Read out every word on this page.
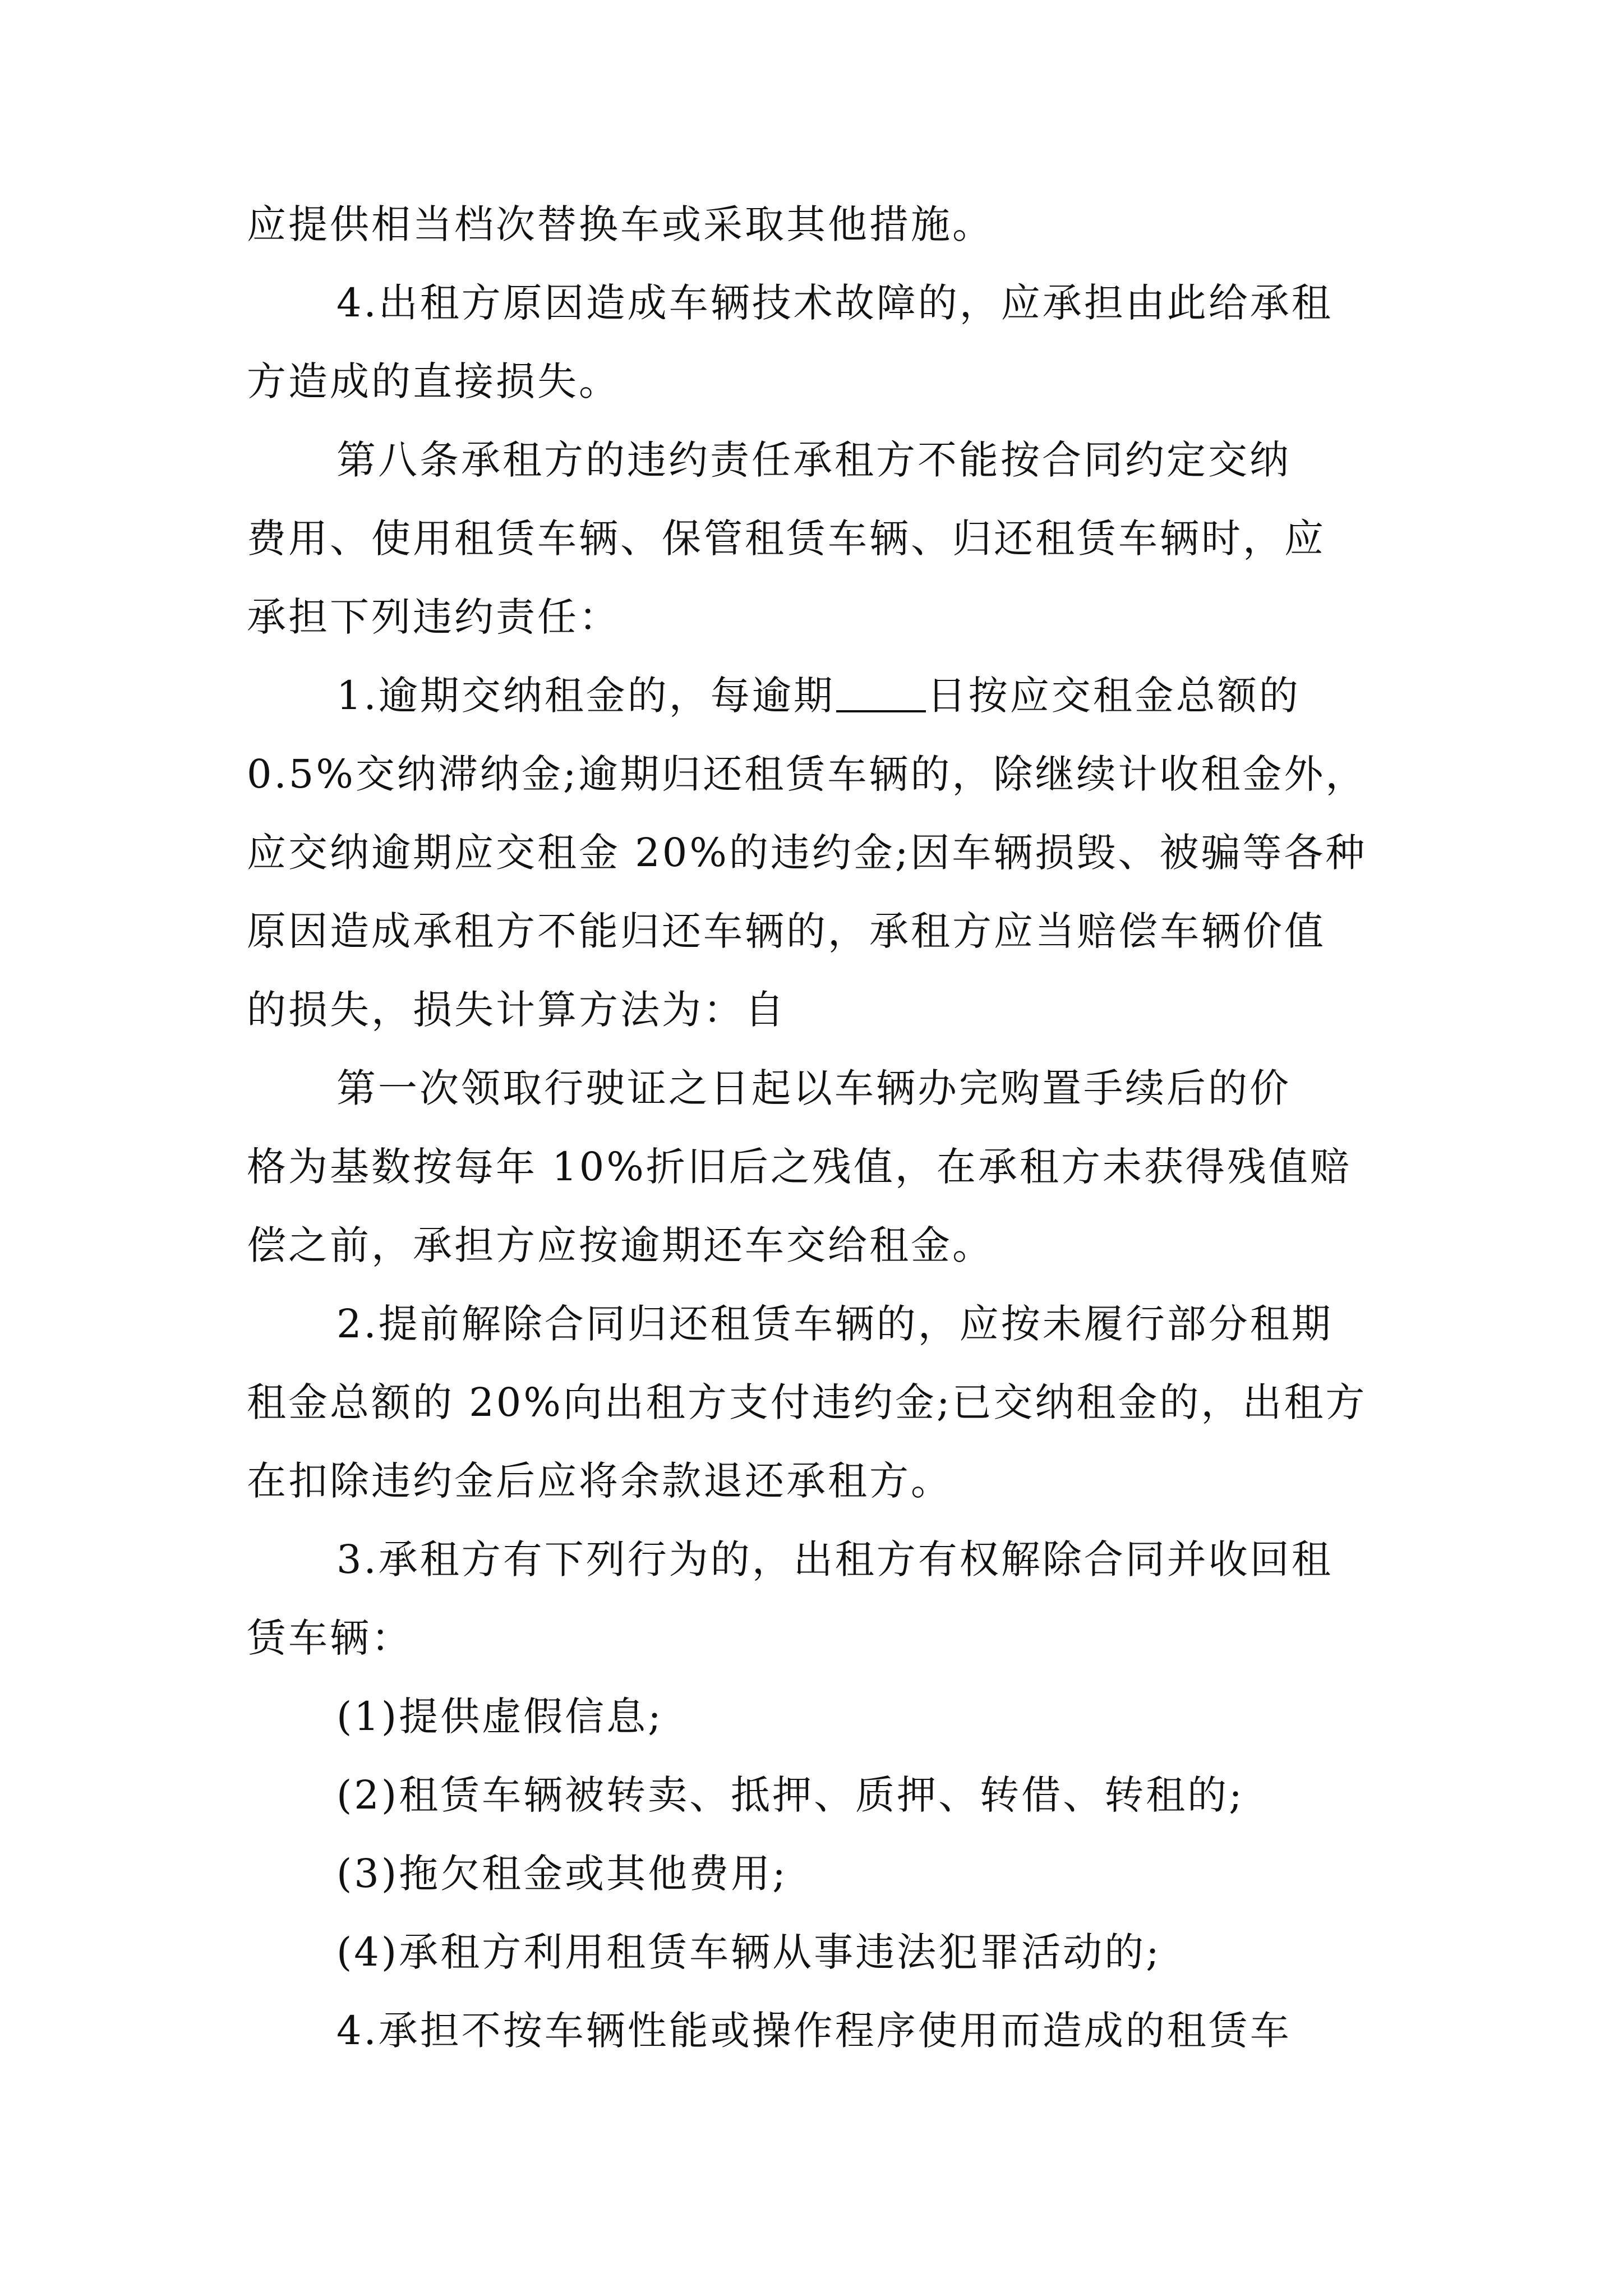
应提供相当档次替换车或采取其他措施。
4.出租方原因造成车辆技术故障的，应承担由此给承租
方造成的直接损失。
第八条承租方的违约责任承租方不能按合同约定交纳
费用、使用租赁车辆、保管租赁车辆、归还租赁车辆时，应
承担下列违约责任：
1.逾期交纳租金的，每逾期 日按应交租金总额的
0.5%交纳滞纳金;逾期归还租赁车辆的，除继续计收租金外，
应交纳逾期应交租金 20%的违约金;因车辆损毁、被骗等各种
原因造成承租方不能归还车辆的，承租方应当赔偿车辆价值
的损失，损失计算方法为：自
第一次领取行驶证之日起以车辆办完购置手续后的价
格为基数按每年 10%折旧后之残值，在承租方未获得残值赔
偿之前，承担方应按逾期还车交给租金。
2.提前解除合同归还租赁车辆的，应按未履行部分租期
租金总额的 20%向出租方支付违约金;已交纳租金的，出租方
在扣除违约金后应将余款退还承租方。
3.承租方有下列行为的，出租方有权解除合同并收回租
赁车辆：
(1)提供虚假信息;
(2)租赁车辆被转卖、抵押、质押、转借、转租的;
(3)拖欠租金或其他费用;
(4)承租方利用租赁车辆从事违法犯罪活动的;
4.承担不按车辆性能或操作程序使用而造成的租赁车
